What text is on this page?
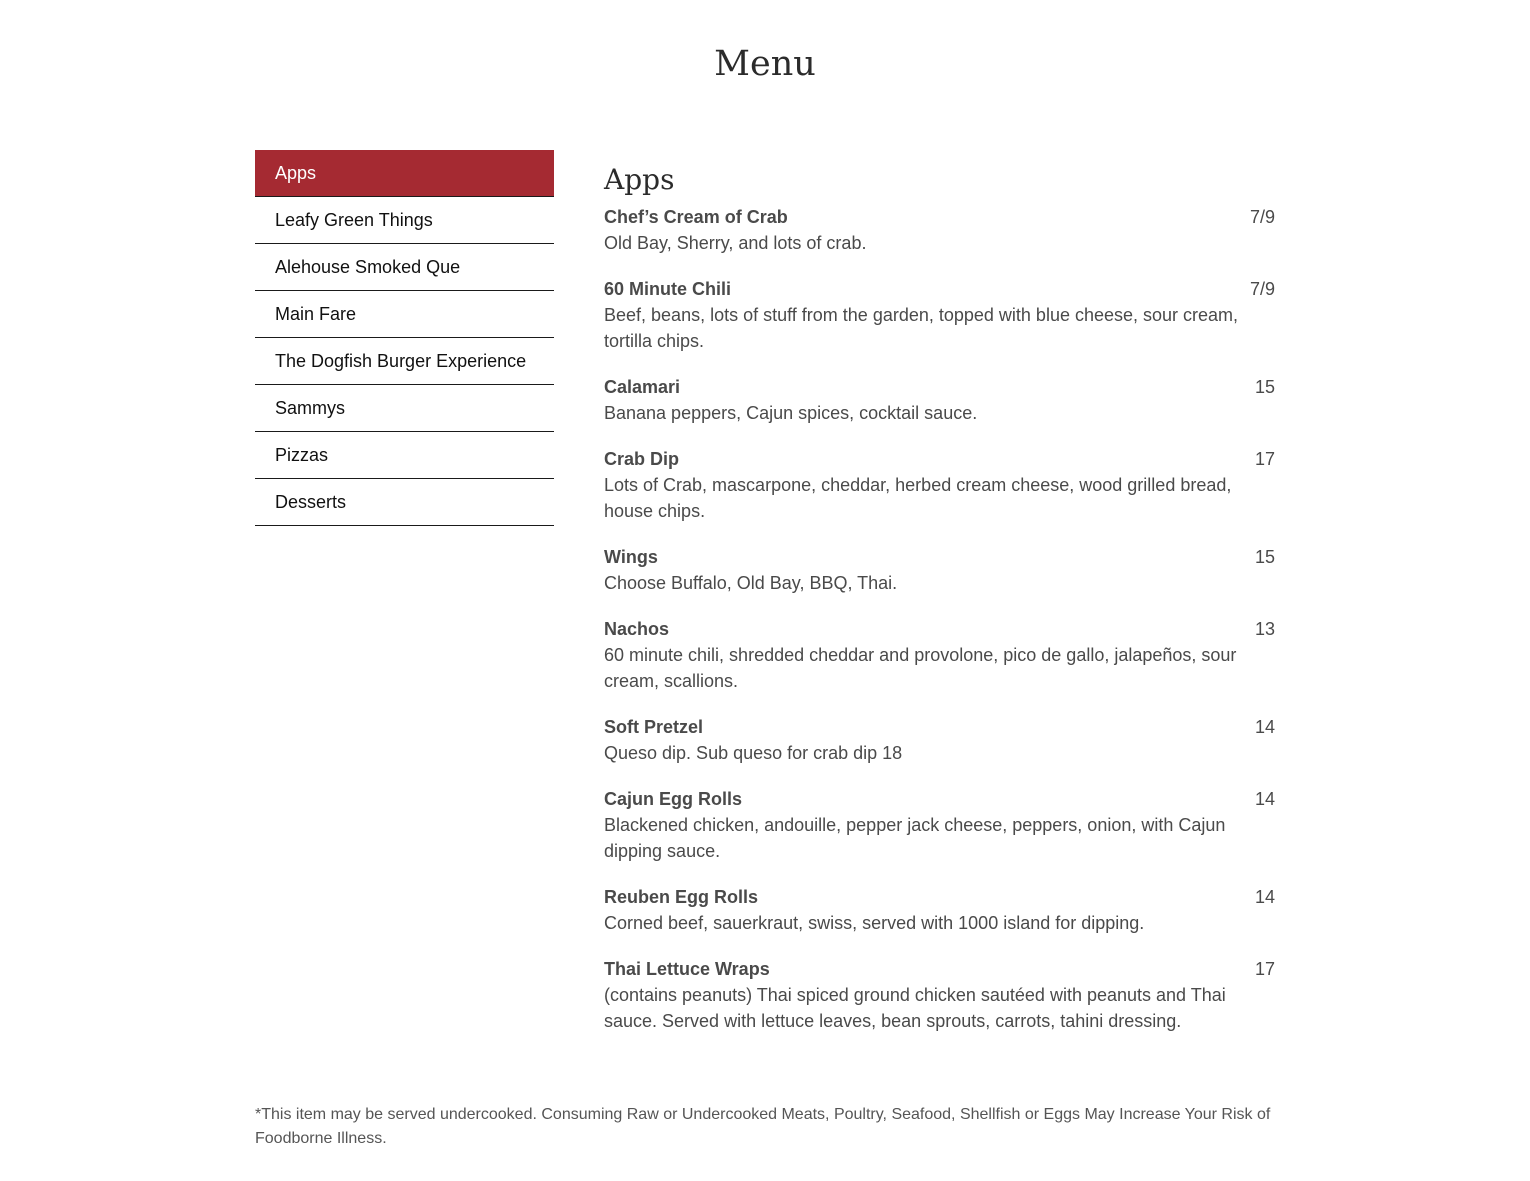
Menu
Apps
Leafy Green Things
Alehouse Smoked Que
Main Fare
The Dogfish Burger Experience
Sammys
Pizzas
Desserts
Apps
Chef’s Cream of Crab	7/9
Old Bay, Sherry, and lots of crab.
60 Minute Chili	7/9
Beef, beans, lots of stuff from the garden, topped with blue cheese, sour cream, tortilla chips.
Calamari	15
Banana peppers, Cajun spices, cocktail sauce.
Crab Dip	17
Lots of Crab, mascarpone, cheddar, herbed cream cheese, wood grilled bread, house chips.
Wings	15
Choose Buffalo, Old Bay, BBQ, Thai.
Nachos	13
60 minute chili, shredded cheddar and provolone, pico de gallo, jalapeños, sour cream, scallions.
Soft Pretzel	14
Queso dip. Sub queso for crab dip 18
Cajun Egg Rolls	14
Blackened chicken, andouille, pepper jack cheese, peppers, onion, with Cajun dipping sauce.
Reuben Egg Rolls	14
Corned beef, sauerkraut, swiss, served with 1000 island for dipping.
Thai Lettuce Wraps	17
(contains peanuts) Thai spiced ground chicken sautéed with peanuts and Thai sauce. Served with lettuce leaves, bean sprouts, carrots, tahini dressing.

*This item may be served undercooked. Consuming Raw or Undercooked Meats, Poultry, Seafood, Shellfish or Eggs May Increase Your Risk of Foodborne Illness.
